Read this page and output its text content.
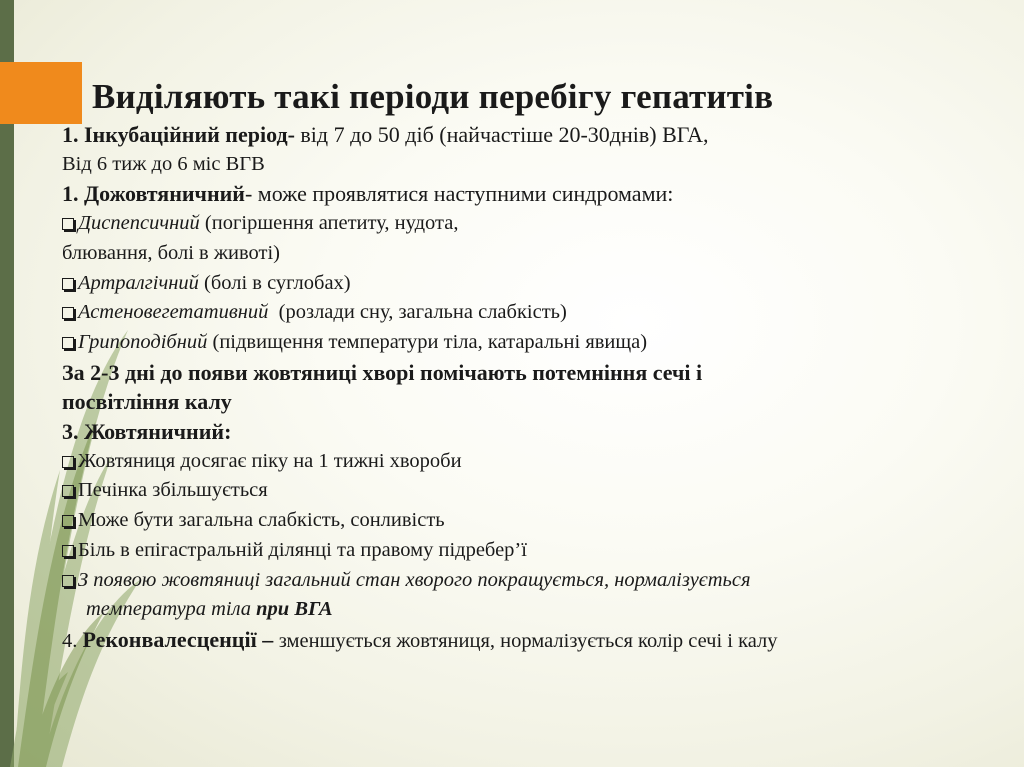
Виділяють такі періоди перебігу гепатитів
1. Інкубаційний період- від 7 до 50 діб (найчастіше 20-30днів) ВГА,
Від 6 тиж до 6 міс ВГВ
1. Дожовтяничний- може проявлятися наступними синдромами:
Диспепсичний (погіршення апетиту, нудота,
блювання, болі в животі)
Артралгічний (болі в суглобах)
Астеновегетативний  (розлади сну, загальна слабкість)
Грипоподібний (підвищення температури тіла, катаральні явища)
За 2-3 дні до появи жовтяниці хворі помічають потемніння сечі і
посвітління калу
3. Жовтяничний:
Жовтяниця досягає піку на 1 тижні хвороби
Печінка збільшується
Може бути загальна слабкість, сонливість
Біль в епігастральній ділянці та правому підребер’ї
З появою жовтяниці загальний стан хворого покращується, нормалізується
температура тіла при ВГА
4. Реконвалесценції – зменшується жовтяниця, нормалізується колір сечі і калу
